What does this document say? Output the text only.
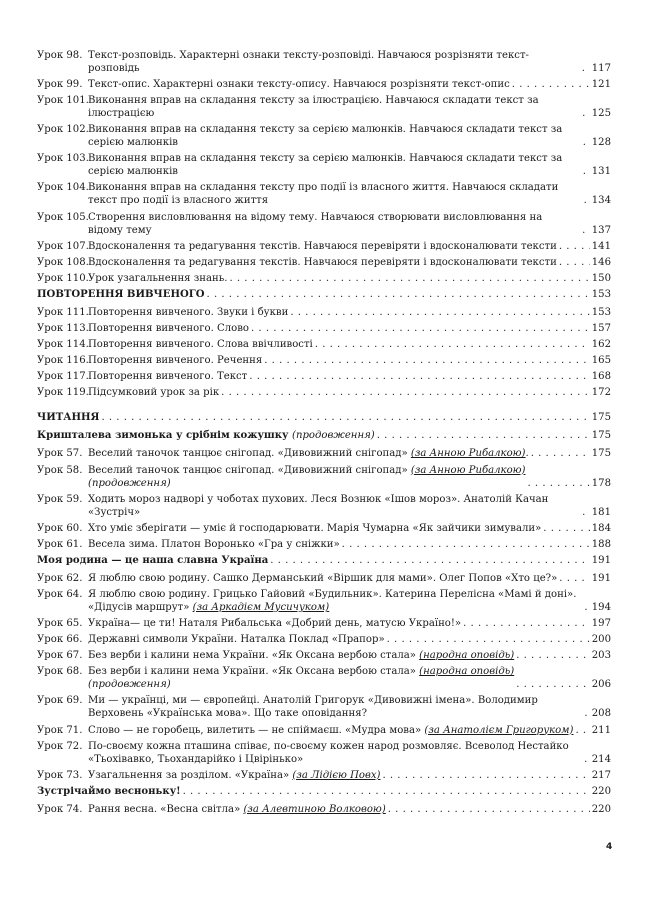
Урок 98. Текст-розповідь. Характерні ознаки тексту-розповіді. Навчаюся розрізняти текст-розповідь . . .	117
Урок 99. Текст-опис. Характерні ознаки тексту-опису. Навчаюся розрізняти текст-опис . . .	121
Урок 101. Виконання вправ на складання тексту за ілюстрацією. Навчаюся складати текст за ілюстрацією . . .	125
Урок 102. Виконання вправ на складання тексту за серією малюнків. Навчаюся складати текст за серією малюнків . . .	128
Урок 103. Виконання вправ на складання тексту за серією малюнків. Навчаюся складати текст за серією малюнків . . .	131
Урок 104. Виконання вправ на складання тексту про події із власного життя. Навчаюся складати текст про події із власного життя . . .	134
Урок 105. Створення висловлювання на відому тему. Навчаюся створювати висловлювання на відому тему . . .	137
Урок 107. Вдосконалення та редагування текстів. Навчаюся перевіряти і вдосконалювати тексти . . .	141
Урок 108. Вдосконалення та редагування текстів. Навчаюся перевіряти і вдосконалювати тексти . . .	146
Урок 110. Урок узагальнення знань. . . .	150
ПОВТОРЕННЯ ВИВЧЕНОГО . . .	153
Урок 111. Повторення вивченого. Звуки і букви . . .	153
Урок 113. Повторення вивченого. Слово . . .	157
Урок 114. Повторення вивченого. Слова ввічливості . . .	162
Урок 116. Повторення вивченого. Речення . . .	165
Урок 117. Повторення вивченого. Текст . . .	168
Урок 119. Підсумковий урок за рік . . .	172
ЧИТАННЯ . . .	175
Кришталева зимонька у срібнім кожушку (продовження) . . .	175
Урок 57. Веселий таночок танцює снігопад. «Дивовижний снігопад» (за Анною Рибалкою). . . .	175
Урок 58. Веселий таночок танцює снігопад. «Дивовижний снігопад» (за Анною Рибалкою)
(продовження) . . .	178
Урок 59. Ходить мороз надворі у чоботах пухових. Леся Вознюк «Ішов мороз». Анатолій Качан «Зустріч» . . .	181
Урок 60. Хто уміє зберігати — уміє й господарювати. Марія Чумарна «Як зайчики зимували» . . .	184
Урок 61. Весела зима. Платон Воронько «Гра у сніжки» . . .	188
Моя родина — це наша славна Україна . . .	191
Урок 62. Я люблю свою родину. Сашко Дерманський «Віршик для мами». Олег Попов «Хто це?» . . .	191
Урок 64. Я люблю свою родину. Грицько Гайовий «Будильник». Катерина Перелісна «Мамі й доні». «Дідусів маршрут» (за Аркадієм Мусичуком) . . .	194
Урок 65. Україна— це ти! Наталя Рибальська «Добрий день, матусю Україно!» . . .	197
Урок 66. Державні символи України. Наталка Поклад «Прапор» . . .	200
Урок 67. Без верби і калини нема України. «Як Оксана вербою стала» (народна оповідь) . . .	203
Урок 68. Без верби і калини нема України. «Як Оксана вербою стала» (народна оповідь)
(продовження) . . .	206
Урок 69. Ми — українці, ми — європейці. Анатолій Григорук «Дивовижні імена». Володимир Верховень «Українська мова». Що таке оповідання? . . .	208
Урок 71. Слово — не горобець, вилетить — не спіймаєш. «Мудра мова» (за Анатолієм Григоруком) . . . 211
Урок 72. По-своєму кожна пташина співає, по-своєму кожен народ розмовляє. Всеволод Нестайко «Тьохівавко, Тьохандарійко і Цвірінько» . . .	214
Урок 73. Узагальнення за розділом. «Україна» (за Лідією Повх) . . .	217
Зустрічаймо весноньку! . . .	220
Урок 74. Рання весна. «Весна світла» (за Алевтиною Волковою) . . .	220
4
